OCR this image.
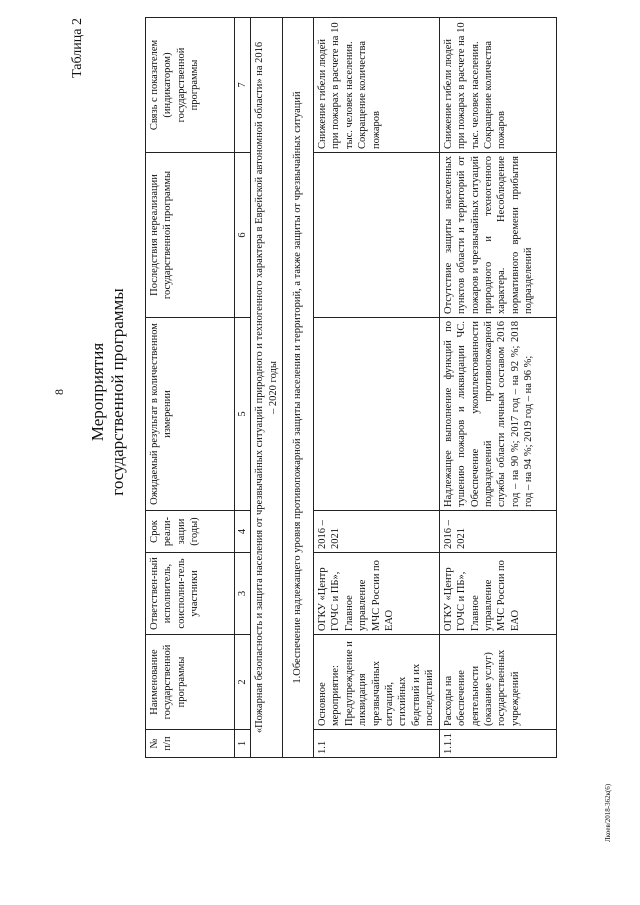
8
Таблица 2
Мероприятия государственной программы
№ п/п	Наименование государственной программы	Ответствен-ный исполнитель, соисполни-тель участники	Срок реали-зации (годы)	Ожидаемый результат в количественном измерении	Последствия нереализации государственной программы	Связь с показателем (индикатором) государственной программы
1	2	3	4	5	6	7
«Пожарная безопасность и защита населения от чрезвычайных ситуаций природного и техногенного характера в Еврейской автономной области» на 2016 – 2020 годы						
1.Обеспечение надлежащего уровня противопожарной защиты населения и территорий, а также защиты от чрезвычайных ситуаций						
1.1	Основное мероприятие: Предупреждение и ликвидация чрезвычайных ситуаций, стихийных бедствий и их последствий	ОГКУ «Центр ГОЧС и ПБ», Главное управление МЧС России по ЕАО	2016 – 2021			Снижение гибели людей при пожарах в расчете на 10 тыс. человек населения. Сокращение количества пожаров
1.1.1	Расходы на обеспечение деятельности (оказание услуг) государственных учреждений	ОГКУ «Центр ГОЧС и ПБ», Главное управление МЧС России по ЕАО	2016 – 2021	Надлежащее выполнение функций по тушению пожаров и ликвидации ЧС. Обеспечение укомплектованности подразделений противопожарной службы области личным составом 2016 год – на 90 %; 2017 год – на 92 %; 2018 год – на 94 %; 2019 год – на 96 %;	Отсутствие защиты населенных пунктов области и территорий от пожаров и чрезвычайных ситуаций природного и техногенного характера. Несоблюдение нормативного времени прибытия подразделений	Снижение гибели людей при пожарах в расчете на 10 тыс. человек населения. Сокращение количества пожаров
Лкоев/2018-362к(6)
